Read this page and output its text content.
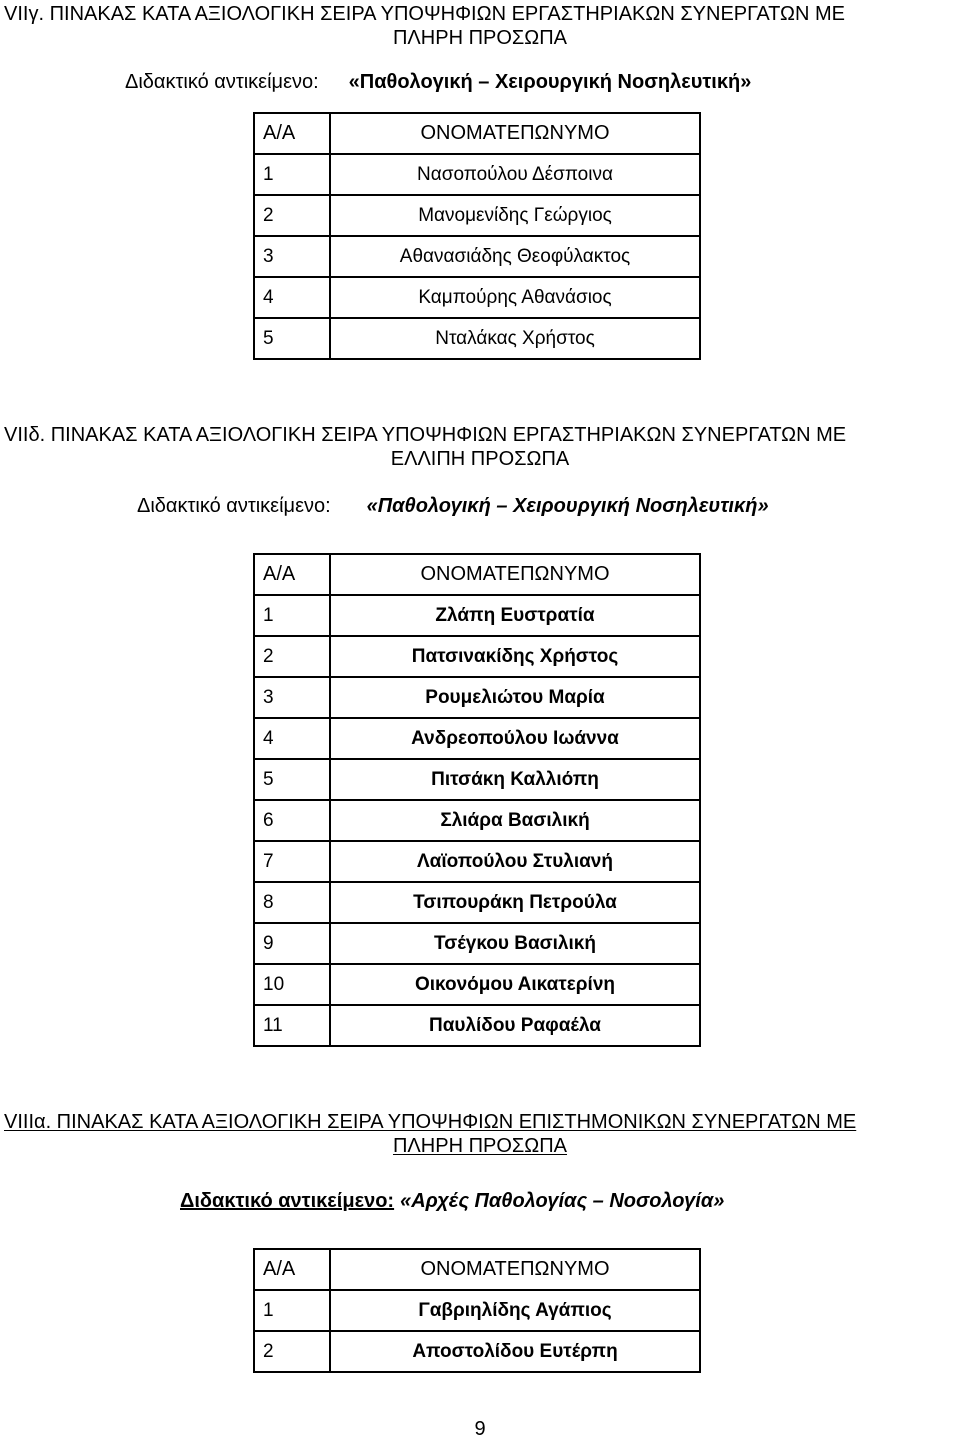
VIIγ. ΠΙΝΑΚΑΣ ΚΑΤΑ ΑΞΙΟΛΟΓΙΚΗ ΣΕΙΡΑ ΥΠΟΨΗΦΙΩΝ ΕΡΓΑΣΤΗΡΙΑΚΩΝ ΣΥΝΕΡΓΑΤΩΝ ΜΕ
ΠΛΗΡΗ ΠΡΟΣΩΠΑ
Διδακτικό αντικείμενο: «Παθολογική – Χειρουργική Νοσηλευτική»
Α/Α	ΟΝΟΜΑΤΕΠΩΝΥΜΟ
1	Νασοπούλου Δέσποινα
2	Μανομενίδης Γεώργιος
3	Αθανασιάδης Θεοφύλακτος
4	Καμπούρης Αθανάσιος
5	Νταλάκας Χρήστος
VIIδ. ΠΙΝΑΚΑΣ ΚΑΤΑ ΑΞΙΟΛΟΓΙΚΗ ΣΕΙΡΑ ΥΠΟΨΗΦΙΩΝ ΕΡΓΑΣΤΗΡΙΑΚΩΝ ΣΥΝΕΡΓΑΤΩΝ ΜΕ
ΕΛΛΙΠΗ ΠΡΟΣΩΠΑ
Διδακτικό αντικείμενο: «Παθολογική – Χειρουργική Νοσηλευτική»
Α/Α	ΟΝΟΜΑΤΕΠΩΝΥΜΟ
1	Ζλάπη Ευστρατία
2	Πατσινακίδης Χρήστος
3	Ρουμελιώτου Μαρία
4	Ανδρεοπούλου Ιωάννα
5	Πιτσάκη Καλλιόπη
6	Σλιάρα Βασιλική
7	Λαϊοπούλου Στυλιανή
8	Τσιπουράκη Πετρούλα
9	Τσέγκου Βασιλική
10	Οικονόμου Αικατερίνη
11	Παυλίδου Ραφαέλα
VIIIα. ΠΙΝΑΚΑΣ ΚΑΤΑ ΑΞΙΟΛΟΓΙΚΗ ΣΕΙΡΑ ΥΠΟΨΗΦΙΩΝ ΕΠΙΣΤΗΜΟΝΙΚΩΝ ΣΥΝΕΡΓΑΤΩΝ ΜΕ
ΠΛΗΡΗ ΠΡΟΣΩΠΑ
Διδακτικό αντικείμενο: «Αρχές Παθολογίας – Νοσολογία»
Α/Α	ΟΝΟΜΑΤΕΠΩΝΥΜΟ
1	Γαβριηλίδης Αγάπιος
2	Αποστολίδου Ευτέρπη
9
